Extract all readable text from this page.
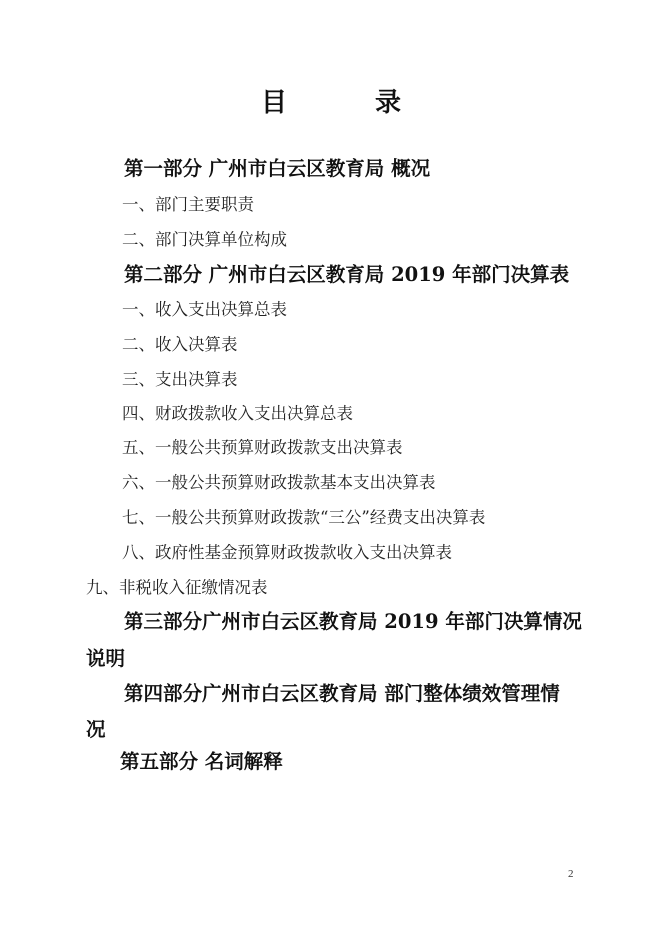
目	录
第一部分 广州市白云区教育局 概况
一、部门主要职责
二、部门决算单位构成
第二部分 广州市白云区教育局 2019 年部门决算表
一、收入支出决算总表
二、收入决算表
三、支出决算表
四、财政拨款收入支出决算总表
五、一般公共预算财政拨款支出决算表
六、一般公共预算财政拨款基本支出决算表
七、一般公共预算财政拨款“三公”经费支出决算表
八、政府性基金预算财政拨款收入支出决算表
九、非税收入征缴情况表
第三部分广州市白云区教育局 2019 年部门决算情况
说明
第四部分广州市白云区教育局 部门整体绩效管理情
况
第五部分 名词解释
2
